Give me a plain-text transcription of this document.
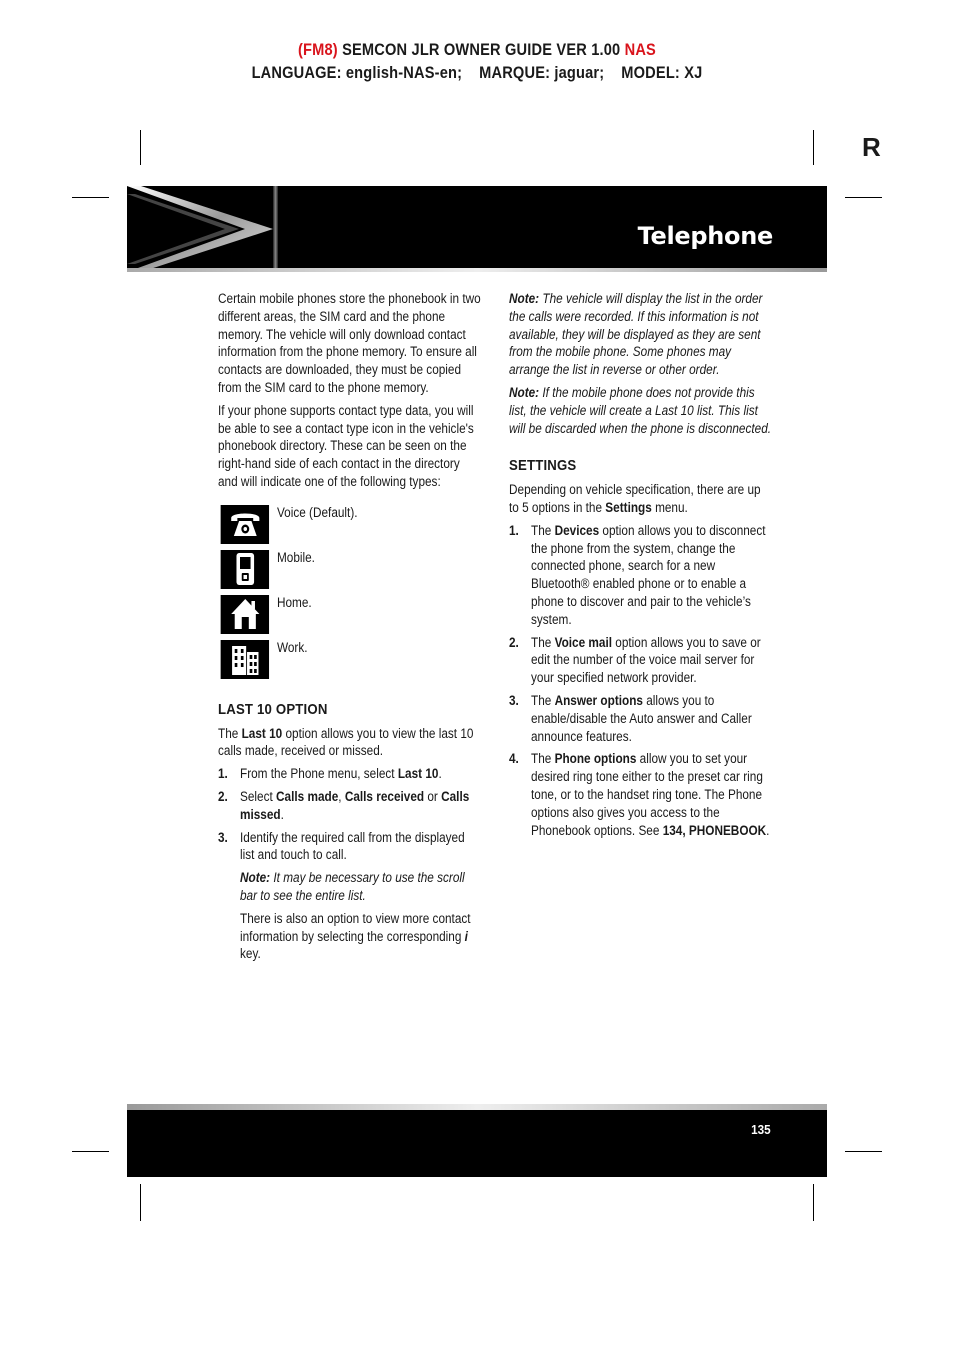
(FM8) SEMCON JLR OWNER GUIDE VER 1.00 NAS
LANGUAGE: english-NAS-en;    MARQUE: jaguar;    MODEL: XJ
R
Telephone

Certain mobile phones store the phonebook in two different areas, the SIM card and the phone memory. The vehicle will only download contact information from the phone memory. To ensure all contacts are downloaded, they must be copied from the SIM card to the phone memory.

If your phone supports contact type data, you will be able to see a contact type icon in the vehicle's phonebook directory. These can be seen on the right-hand side of each contact in the directory and will indicate one of the following types:

Voice (Default).
Mobile.
Home.
Work.
LAST 10 OPTION

The Last 10 option allows you to view the last 10 calls made, received or missed.

1. From the Phone menu, select Last 10.
2. Select Calls made, Calls received or Calls missed.
3. Identify the required call from the displayed list and touch to call.

Note: It may be necessary to use the scroll bar to see the entire list.

There is also an option to view more contact information by selecting the corresponding i key.

Note: The vehicle will display the list in the order the calls were recorded. If this information is not available, they will be displayed as they are sent from the mobile phone. Some phones may arrange the list in reverse or other order.

Note: If the mobile phone does not provide this list, the vehicle will create a Last 10 list. This list will be discarded when the phone is disconnected.

SETTINGS

Depending on vehicle specification, there are up to 5 options in the Settings menu.

1. The Devices option allows you to disconnect the phone from the system, change the connected phone, search for a new Bluetooth® enabled phone or to enable a phone to discover and pair to the vehicle’s system.
2. The Voice mail option allows you to save or edit the number of the voice mail server for your specified network provider.
3. The Answer options allows you to enable/disable the Auto answer and Caller announce features.
4. The Phone options allow you to set your desired ring tone either to the preset car ring tone, or to the handset ring tone. The Phone options also gives you access to the Phonebook options. See 134, PHONEBOOK.
135
